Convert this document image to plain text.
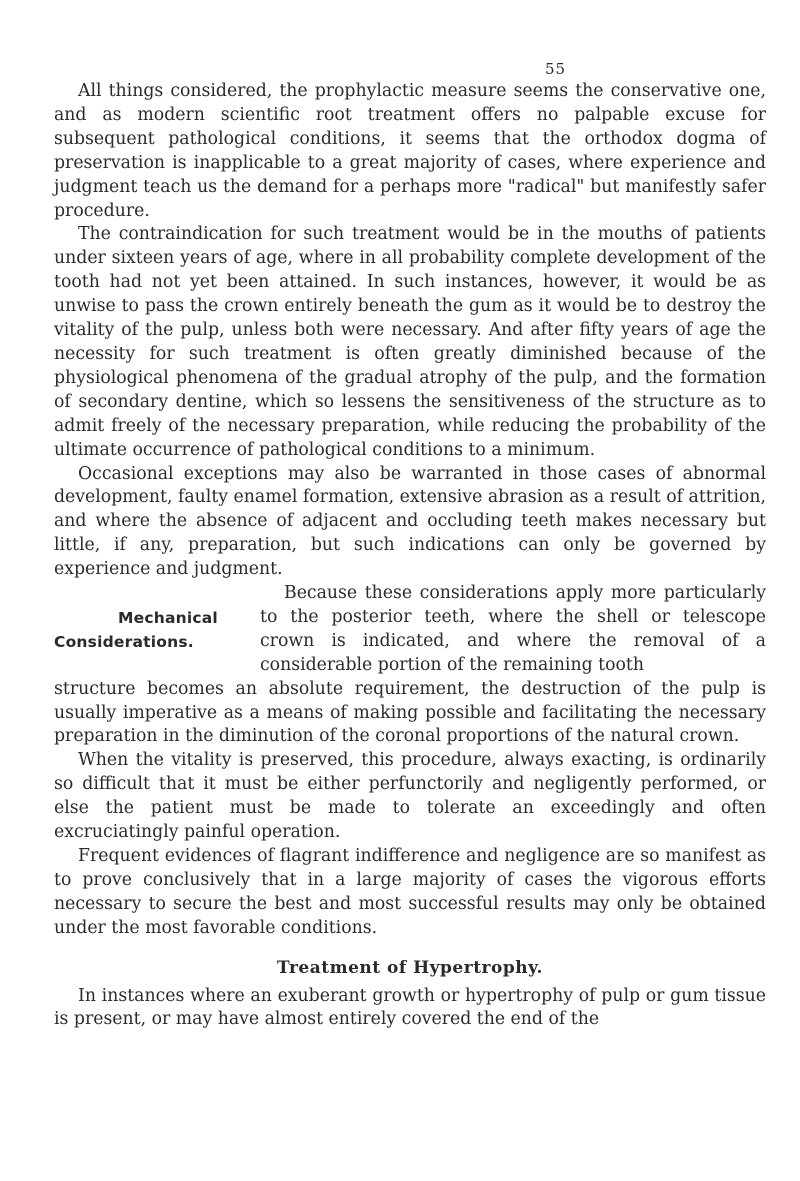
55

All things considered, the prophylactic measure seems the conservative one, and as modern scientific root treatment offers no palpable excuse for subsequent pathological conditions, it seems that the orthodox dogma of preservation is inapplicable to a great majority of cases, where experience and judgment teach us the demand for a perhaps more "radical" but manifestly safer procedure.

The contraindication for such treatment would be in the mouths of patients under sixteen years of age, where in all probability complete development of the tooth had not yet been attained. In such instances, however, it would be as unwise to pass the crown entirely beneath the gum as it would be to destroy the vitality of the pulp, unless both were necessary. And after fifty years of age the necessity for such treatment is often greatly diminished because of the physiological phenomena of the gradual atrophy of the pulp, and the formation of secondary dentine, which so lessens the sensitiveness of the structure as to admit freely of the necessary preparation, while reducing the probability of the ultimate occurrence of pathological conditions to a minimum.

Occasional exceptions may also be warranted in those cases of abnormal development, faulty enamel formation, extensive abrasion as a result of attrition, and where the absence of adjacent and occluding teeth makes necessary but little, if any, preparation, but such indications can only be governed by experience and judgment.

Mechanical
Considerations.

Because these considerations apply more particularly to the posterior teeth, where the shell or telescope crown is indicated, and where the removal of a considerable portion of the remaining tooth

structure becomes an absolute requirement, the destruction of the pulp is usually imperative as a means of making possible and facilitating the necessary preparation in the diminution of the coronal proportions of the natural crown.

When the vitality is preserved, this procedure, always exacting, is ordinarily so difficult that it must be either perfunctorily and negligently performed, or else the patient must be made to tolerate an exceedingly and often excruciatingly painful operation.

Frequent evidences of flagrant indifference and negligence are so manifest as to prove conclusively that in a large majority of cases the vigorous efforts necessary to secure the best and most successful results may only be obtained under the most favorable conditions.

Treatment of Hypertrophy.

In instances where an exuberant growth or hypertrophy of pulp or gum tissue is present, or may have almost entirely covered the end of the
